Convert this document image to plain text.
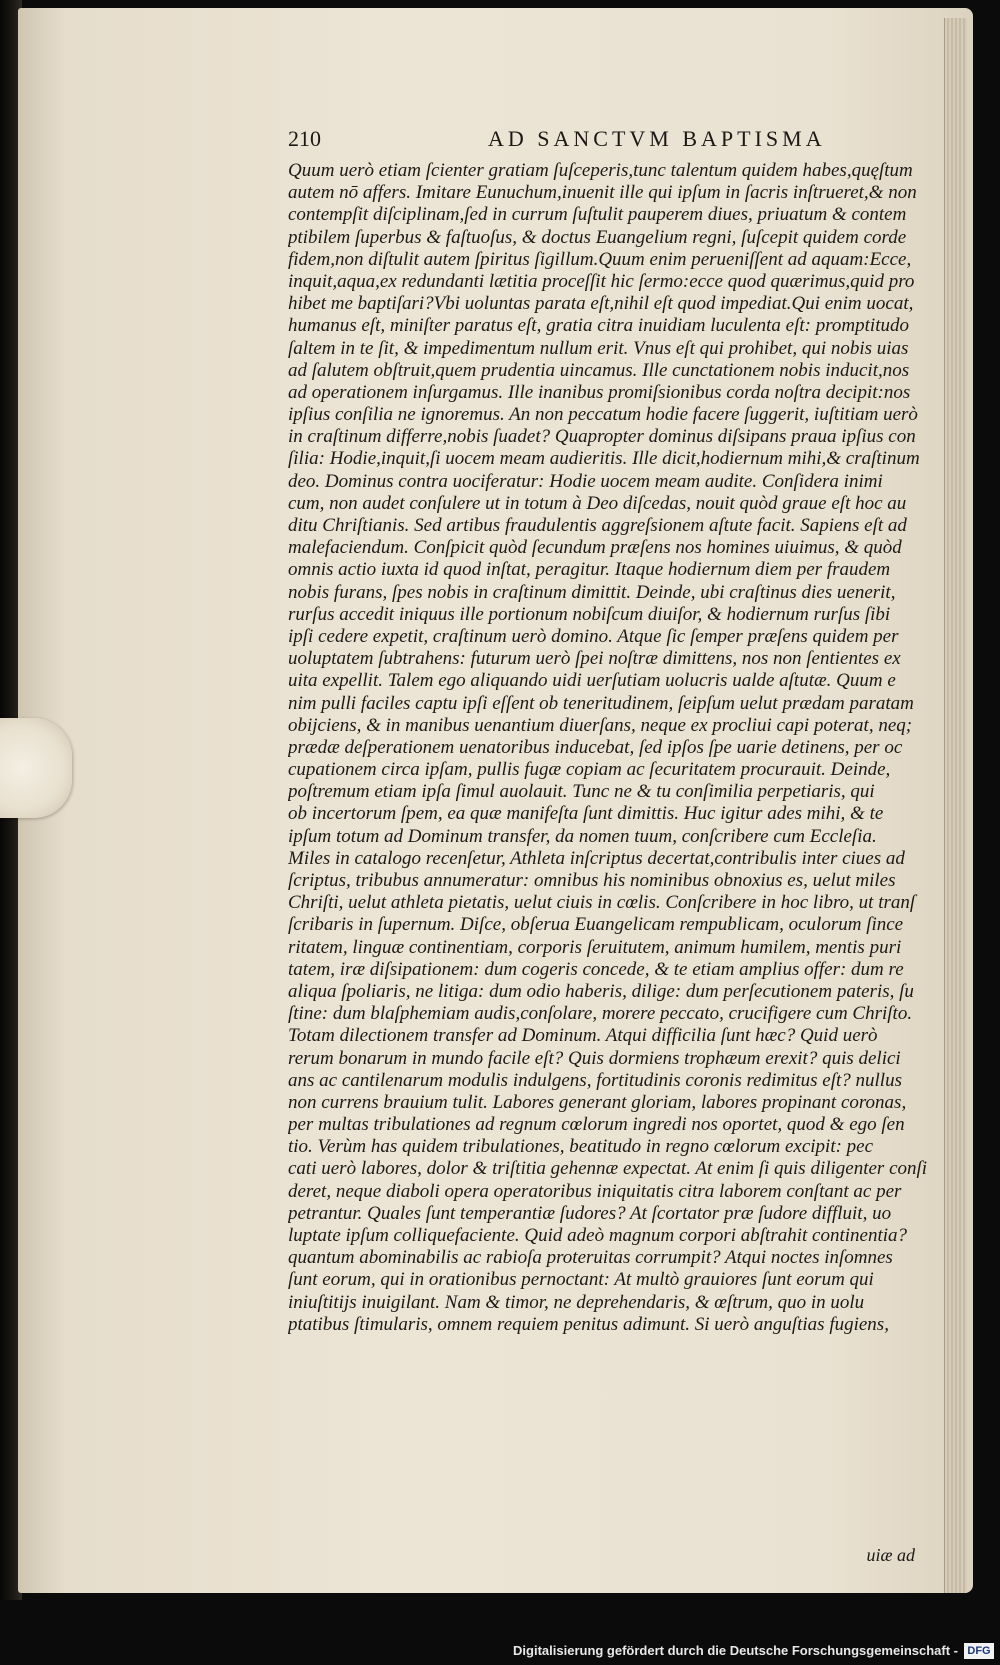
210	AD SANCTVM BAPTISMA
Quum uerò etiam ſcienter gratiam ſuſceperis,tunc talentum quidem habes,quęſtum
autem nō affers. Imitare Eunuchum,inuenit ille qui ipſum in ſacris inſtrueret,& non
contempſit diſciplinam,ſed in currum ſuſtulit pauperem diues, priuatum & contem
ptibilem ſuperbus & faſtuoſus, & doctus Euangelium regni, ſuſcepit quidem corde
fidem,non diſtulit autem ſpiritus ſigillum.Quum enim perueniſſent ad aquam:Ecce,
inquit,aqua,ex redundanti lætitia proceſſit hic ſermo:ecce quod quærimus,quid pro
hibet me baptiſari?Vbi uoluntas parata eſt,nihil eſt quod impediat.Qui enim uocat,
humanus eſt, miniſter paratus eſt, gratia citra inuidiam luculenta eſt: promptitudo
ſaltem in te ſit, & impedimentum nullum erit. Vnus eſt qui prohibet, qui nobis uias
ad ſalutem obſtruit,quem prudentia uincamus. Ille cunctationem nobis inducit,nos
ad operationem inſurgamus. Ille inanibus promiſsionibus corda noſtra decipit:nos
ipſius conſilia ne ignoremus. An non peccatum hodie facere ſuggerit, iuſtitiam uerò
in craſtinum differre,nobis ſuadet? Quapropter dominus diſsipans praua ipſius con
ſilia: Hodie,inquit,ſi uocem meam audieritis. Ille dicit,hodiernum mihi,& craſtinum
deo. Dominus contra uociferatur: Hodie uocem meam audite. Conſidera inimi
cum, non audet conſulere ut in totum à Deo diſcedas, nouit quòd graue eſt hoc au
ditu Chriſtianis. Sed artibus fraudulentis aggreſsionem aſtute facit. Sapiens eſt ad
malefaciendum. Conſpicit quòd ſecundum præſens nos homines uiuimus, & quòd
omnis actio iuxta id quod inſtat, peragitur. Itaque hodiernum diem per fraudem
nobis furans, ſpes nobis in craſtinum dimittit. Deinde, ubi craſtinus dies uenerit,
rurſus accedit iniquus ille portionum nobiſcum diuiſor, & hodiernum rurſus ſibi
ipſi cedere expetit, craſtinum uerò domino. Atque ſic ſemper præſens quidem per
uoluptatem ſubtrahens: futurum uerò ſpei noſtræ dimittens, nos non ſentientes ex
uita expellit. Talem ego aliquando uidi uerſutiam uolucris ualde aſtutæ. Quum e
nim pulli faciles captu ipſi eſſent ob teneritudinem, ſeipſum uelut prædam paratam
obijciens, & in manibus uenantium diuerſans, neque ex procliui capi poterat, neq;
prædæ deſperationem uenatoribus inducebat, ſed ipſos ſpe uarie detinens, per oc
cupationem circa ipſam, pullis fugæ copiam ac ſecuritatem procurauit. Deinde,
poſtremum etiam ipſa ſimul auolauit. Tunc ne & tu conſimilia perpetiaris, qui
ob incertorum ſpem, ea quæ manifeſta ſunt dimittis. Huc igitur ades mihi, & te
ipſum totum ad Dominum transfer, da nomen tuum, conſcribere cum Eccleſia.
Miles in catalogo recenſetur, Athleta inſcriptus decertat,contribulis inter ciues ad
ſcriptus, tribubus annumeratur: omnibus his nominibus obnoxius es, uelut miles
Chriſti, uelut athleta pietatis, uelut ciuis in cœlis. Conſcribere in hoc libro, ut tranſ
ſcribaris in ſupernum. Diſce, obſerua Euangelicam rempublicam, oculorum ſince
ritatem, linguæ continentiam, corporis ſeruitutem, animum humilem, mentis puri
tatem, iræ diſsipationem: dum cogeris concede, & te etiam amplius offer: dum re
aliqua ſpoliaris, ne litiga: dum odio haberis, dilige: dum perſecutionem pateris, ſu
ſtine: dum blaſphemiam audis,conſolare, morere peccato, crucifigere cum Chriſto.
Totam dilectionem transfer ad Dominum. Atqui difficilia ſunt hæc? Quid uerò
rerum bonarum in mundo facile eſt? Quis dormiens trophæum erexit? quis delici
ans ac cantilenarum modulis indulgens, fortitudinis coronis redimitus eſt? nullus
non currens brauium tulit. Labores generant gloriam, labores propinant coronas,
per multas tribulationes ad regnum cœlorum ingredi nos oportet, quod & ego ſen
tio. Verùm has quidem tribulationes, beatitudo in regno cœlorum excipit: pec
cati uerò labores, dolor & triſtitia gehennæ expectat. At enim ſi quis diligenter conſi
deret, neque diaboli opera operatoribus iniquitatis citra laborem conſtant ac per
petrantur. Quales ſunt temperantiæ ſudores? At ſcortator præ ſudore diffluit, uo
luptate ipſum colliquefaciente. Quid adeò magnum corpori abſtrahit continentia?
quantum abominabilis ac rabioſa proteruitas corrumpit? Atqui noctes inſomnes
ſunt eorum, qui in orationibus pernoctant: At multò grauiores ſunt eorum qui
iniuſtitijs inuigilant. Nam & timor, ne deprehendaris, & œſtrum, quo in uolu
ptatibus ſtimularis, omnem requiem penitus adimunt. Si uerò anguſtias fugiens,
uiæ ad
Digitalisierung gefördert durch die Deutsche Forschungsgemeinschaft - DFG
